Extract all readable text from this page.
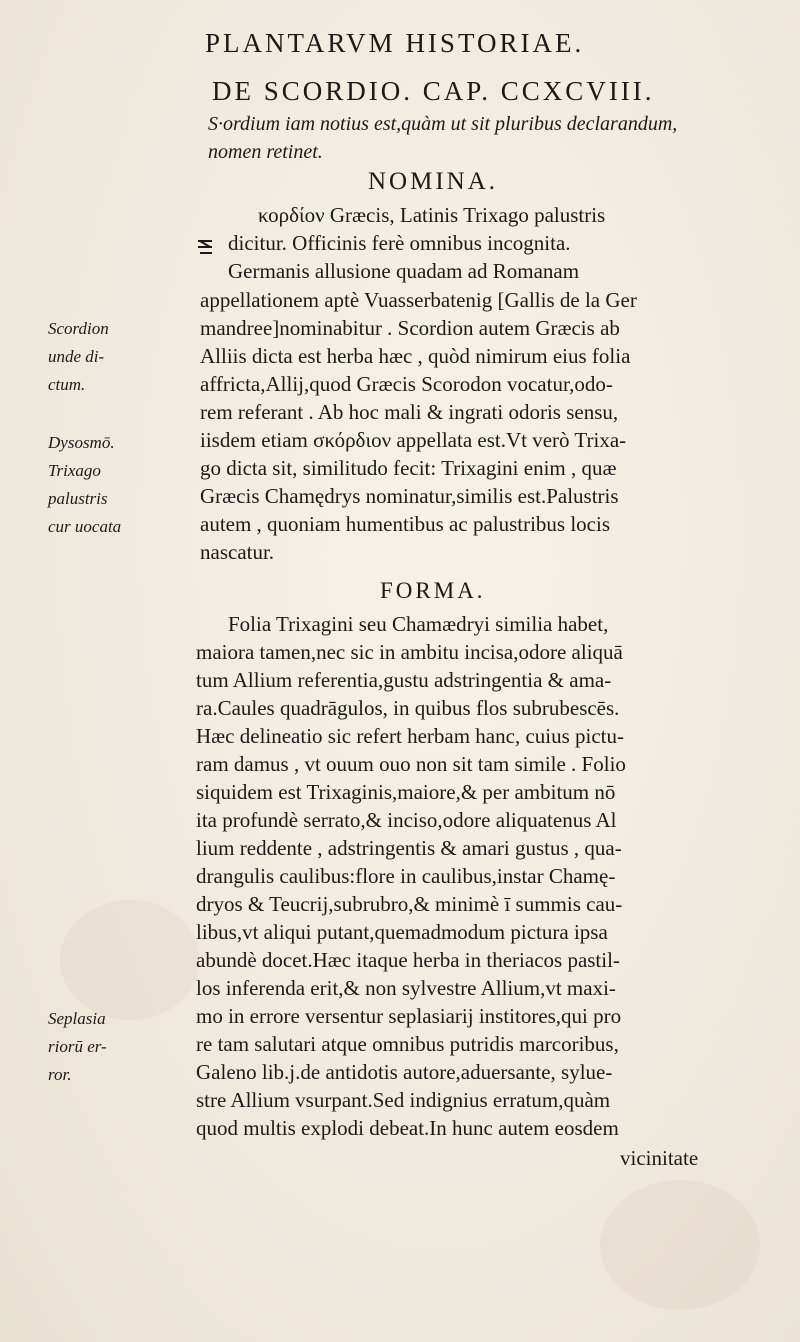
PLANTARVM HISTORIAE.
DE SCORDIO. CAP. CCXCVIII.
S·ordium iam notius est,quàm ut sit pluribus declarandum,
nomen retinet.
NOMINA.
κορδίον Græcis, Latinis Trixago palustris
dicitur. Officinis ferè omnibus incognita.
Germanis allusione quadam ad Romanam
appellationem aptè Vuasserbatenig [Gallis de la Ger
mandree]nominabitur . Scordion autem Græcis ab
Alliis dicta est herba hæc , quòd nimirum eius folia
affricta,Allij,quod Græcis Scorodon vocatur,odo-
rem referant . Ab hoc mali & ingrati odoris sensu,
iisdem etiam σκόρδιον appellata est.Vt verò Trixa-
go dicta sit, similitudo fecit: Trixagini enim , quæ
Græcis Chamędrys nominatur,similis est.Palustris
autem , quoniam humentibus ac palustribus locis
nascatur.
FORMA.
Folia Trixagini seu Chamædryi similia habet,
maiora tamen,nec sic in ambitu incisa,odore aliquā
tum Allium referentia,gustu adstringentia & ama-
ra.Caules quadrāgulos, in quibus flos subrubescēs.
Hæc delineatio sic refert herbam hanc, cuius pictu-
ram damus , vt ouum ouo non sit tam simile . Folio
siquidem est Trixaginis,maiore,& per ambitum nō
ita profundè serrato,& inciso,odore aliquatenus Al
lium reddente , adstringentis & amari gustus , qua-
drangulis caulibus:flore in caulibus,instar Chamę-
dryos & Teucrij,subrubro,& minimè ī summis cau-
libus,vt aliqui putant,quemadmodum pictura ipsa
abundè docet.Hæc itaque herba in theriacos pastil-
los inferenda erit,& non sylvestre Allium,vt maxi-
mo in errore versentur seplasiarij institores,qui pro
re tam salutari atque omnibus putridis marcoribus,
Galeno lib.j.de antidotis autore,aduersante, sylue-
stre Allium vsurpant.Sed indignius erratum,quàm
quod multis explodi debeat.In hunc autem eosdem
vicinitate
Scordion
unde di-
ctum.
Dysosmō.
Trixago
palustris
cur uocata
Seplasia
riorū er-
ror.
